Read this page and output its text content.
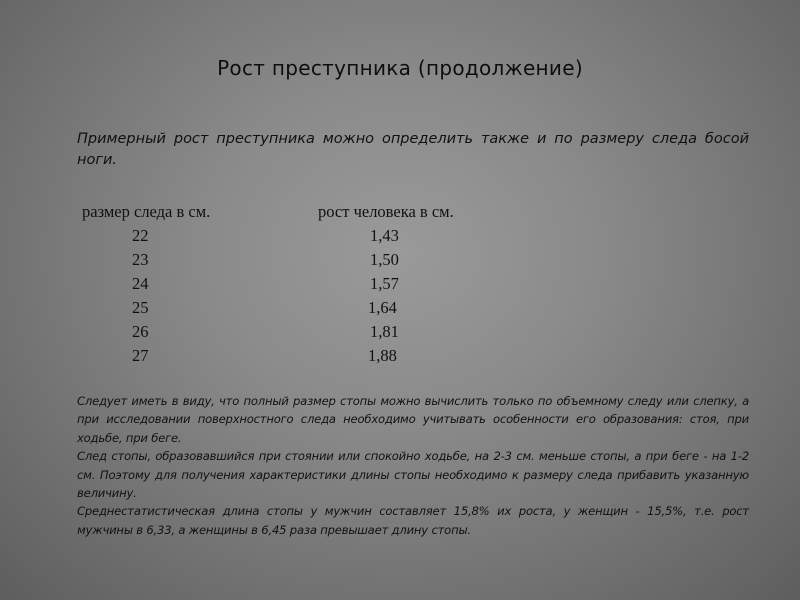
Рост преступника (продолжение)
Примерный рост преступника можно определить также и по размеру следа босой ноги.
размер следа в см.	рост человека в см.
22	1,43
23	1,50
24	1,57
25	1,64
26	1,81
27	1,88

Следует иметь в виду, что полный размер стопы можно вычислить только по объемному следу или слепку, а при исследовании поверхностного следа необходимо учитывать особенности его образования: стоя, при ходьбе, при беге.

След стопы, образовавшийся при стоянии или спокойно ходьбе, на 2-3 см. меньше стопы, а при беге - на 1-2 см. Поэтому для получения характеристики длины стопы необходимо к размеру следа прибавить указанную величину.

Среднестатистическая длина стопы у мужчин составляет 15,8% их роста, у женщин - 15,5%, т.е. рост мужчины в 6,33, а женщины в 6,45 раза превышает длину стопы.
